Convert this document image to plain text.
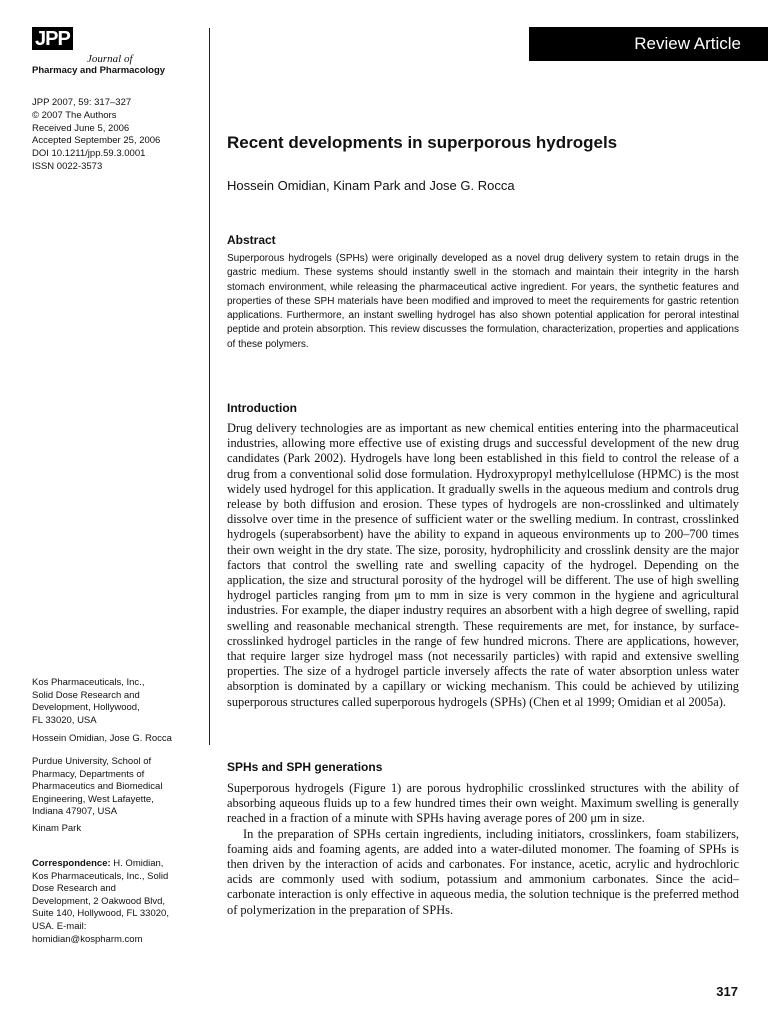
JPP
Journal of
Pharmacy and Pharmacology
Review Article
JPP 2007, 59: 317–327
© 2007 The Authors
Received June 5, 2006
Accepted September 25, 2006
DOI 10.1211/jpp.59.3.0001
ISSN 0022-3573
Recent developments in superporous hydrogels
Hossein Omidian, Kinam Park and Jose G. Rocca
Abstract
Superporous hydrogels (SPHs) were originally developed as a novel drug delivery system to retain drugs in the gastric medium. These systems should instantly swell in the stomach and maintain their integrity in the harsh stomach environment, while releasing the pharmaceutical active ingredient. For years, the synthetic features and properties of these SPH materials have been modified and improved to meet the requirements for gastric retention applications. Furthermore, an instant swelling hydrogel has also shown potential application for peroral intestinal peptide and protein absorption. This review discusses the formulation, characterization, properties and applications of these polymers.
Introduction

Drug delivery technologies are as important as new chemical entities entering into the pharmaceutical industries, allowing more effective use of existing drugs and successful development of the new drug candidates (Park 2002). Hydrogels have long been established in this field to control the release of a drug from a conventional solid dose formulation. Hydroxypropyl methylcellulose (HPMC) is the most widely used hydrogel for this application. It gradually swells in the aqueous medium and controls drug release by both diffusion and erosion. These types of hydrogels are non-crosslinked and ultimately dissolve over time in the presence of sufficient water or the swelling medium. In contrast, crosslinked hydrogels (superabsorbent) have the ability to expand in aqueous environments up to 200–700 times their own weight in the dry state. The size, porosity, hydrophilicity and crosslink density are the major factors that control the swelling rate and swelling capacity of the hydrogel. Depending on the application, the size and structural porosity of the hydrogel will be different. The use of high swelling hydrogel particles ranging from μm to mm in size is very common in the hygiene and agricultural industries. For example, the diaper industry requires an absorbent with a high degree of swelling, rapid swelling and reasonable mechanical strength. These requirements are met, for instance, by surface-crosslinked hydrogel particles in the range of few hundred microns. There are applications, however, that require larger size hydrogel mass (not necessarily particles) with rapid and extensive swelling properties. The size of a hydrogel particle inversely affects the rate of water absorption unless water absorption is dominated by a capillary or wicking mechanism. This could be achieved by utilizing superporous structures called superporous hydrogels (SPHs) (Chen et al 1999; Omidian et al 2005a).

SPHs and SPH generations

Superporous hydrogels (Figure 1) are porous hydrophilic crosslinked structures with the ability of absorbing aqueous fluids up to a few hundred times their own weight. Maximum swelling is generally reached in a fraction of a minute with SPHs having average pores of 200 μm in size.

In the preparation of SPHs certain ingredients, including initiators, crosslinkers, foam stabilizers, foaming aids and foaming agents, are added into a water-diluted monomer. The foaming of SPHs is then driven by the interaction of acids and carbonates. For instance, acetic, acrylic and hydrochloric acids are commonly used with sodium, potassium and ammonium carbonates. Since the acid–carbonate interaction is only effective in aqueous media, the solution technique is the preferred method of polymerization in the preparation of SPHs.

Kos Pharmaceuticals, Inc.,
Solid Dose Research and
Development, Hollywood,
FL 33020, USA
Hossein Omidian, Jose G. Rocca
Purdue University, School of
Pharmacy, Departments of
Pharmaceutics and Biomedical
Engineering, West Lafayette,
Indiana 47907, USA
Kinam Park
Correspondence: H. Omidian,
Kos Pharmaceuticals, Inc., Solid
Dose Research and
Development, 2 Oakwood Blvd,
Suite 140, Hollywood, FL 33020,
USA. E-mail:
homidian@kospharm.com
317
